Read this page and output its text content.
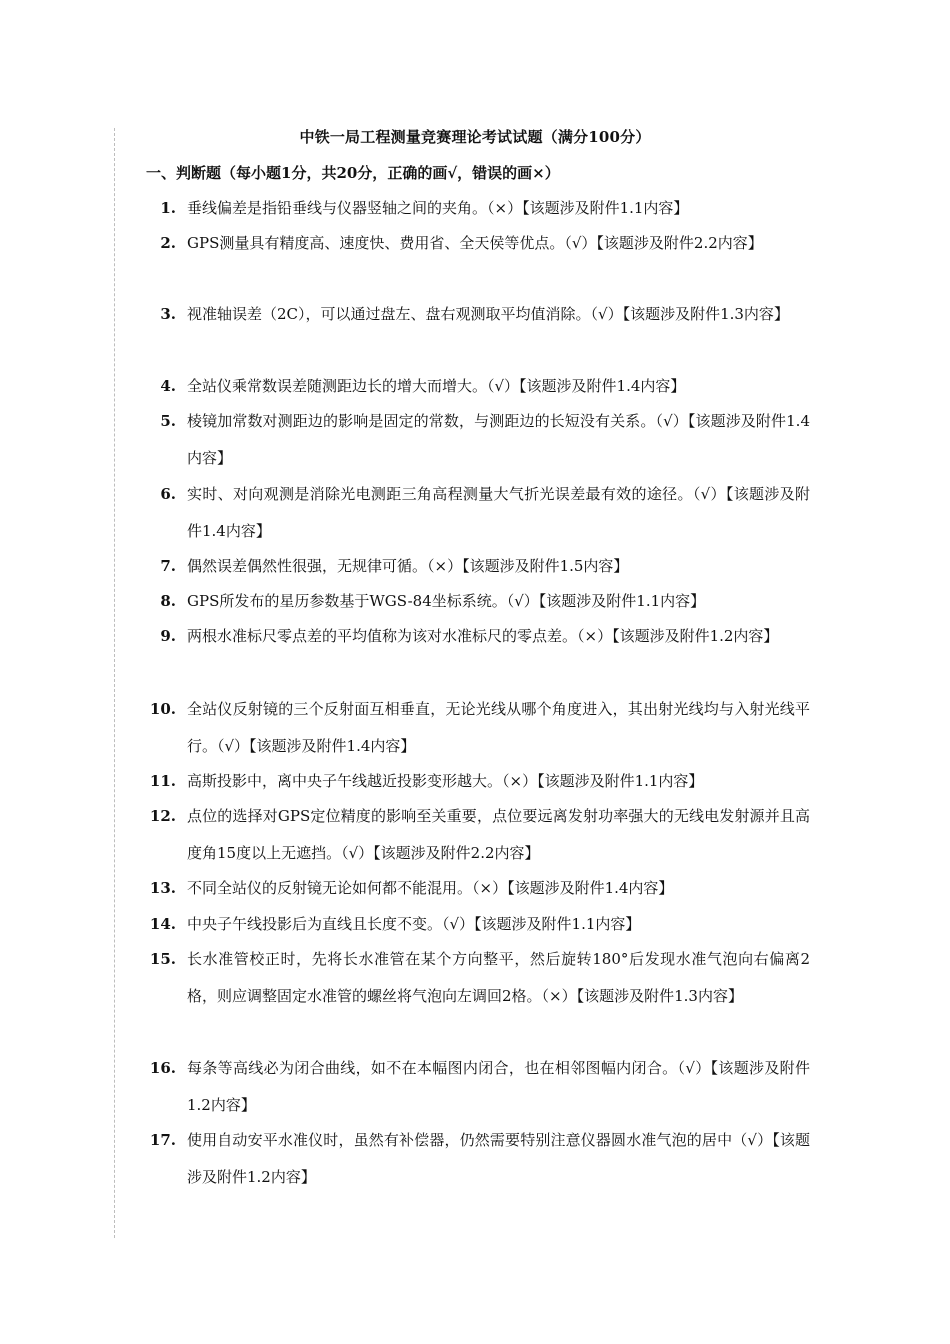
中铁一局工程测量竞赛理论考试试题（满分100分）
一、判断题（每小题1分，共20分，正确的画√，错误的画×）
1. 垂线偏差是指铅垂线与仪器竖轴之间的夹角。（×）【该题涉及附件1.1内容】
2. GPS测量具有精度高、速度快、费用省、全天侯等优点。（√）【该题涉及附件2.2内容】
3. 视准轴误差（2C），可以通过盘左、盘右观测取平均值消除。（√）【该题涉及附件1.3内容】
4. 全站仪乘常数误差随测距边长的增大而增大。（√）【该题涉及附件1.4内容】
5. 棱镜加常数对测距边的影响是固定的常数，与测距边的长短没有关系。（√）【该题涉及附件1.4内容】
6. 实时、对向观测是消除光电测距三角高程测量大气折光误差最有效的途径。（√）【该题涉及附件1.4内容】
7. 偶然误差偶然性很强，无规律可循。（×）【该题涉及附件1.5内容】
8. GPS所发布的星历参数基于WGS-84坐标系统。（√）【该题涉及附件1.1内容】
9. 两根水准标尺零点差的平均值称为该对水准标尺的零点差。（×）【该题涉及附件1.2内容】
10. 全站仪反射镜的三个反射面互相垂直，无论光线从哪个角度进入，其出射光线均与入射光线平行。（√）【该题涉及附件1.4内容】
11. 高斯投影中，离中央子午线越近投影变形越大。（×）【该题涉及附件1.1内容】
12. 点位的选择对GPS定位精度的影响至关重要，点位要远离发射功率强大的无线电发射源并且高度角15度以上无遮挡。（√）【该题涉及附件2.2内容】
13. 不同全站仪的反射镜无论如何都不能混用。（×）【该题涉及附件1.4内容】
14. 中央子午线投影后为直线且长度不变。（√）【该题涉及附件1.1内容】
15. 长水准管校正时，先将长水准管在某个方向整平，然后旋转180°后发现水准气泡向右偏离2格，则应调整固定水准管的螺丝将气泡向左调回2格。（×）【该题涉及附件1.3内容】
16. 每条等高线必为闭合曲线，如不在本幅图内闭合，也在相邻图幅内闭合。（√）【该题涉及附件1.2内容】
17. 使用自动安平水准仪时，虽然有补偿器，仍然需要特别注意仪器圆水准气泡的居中（√）【该题涉及附件1.2内容】
